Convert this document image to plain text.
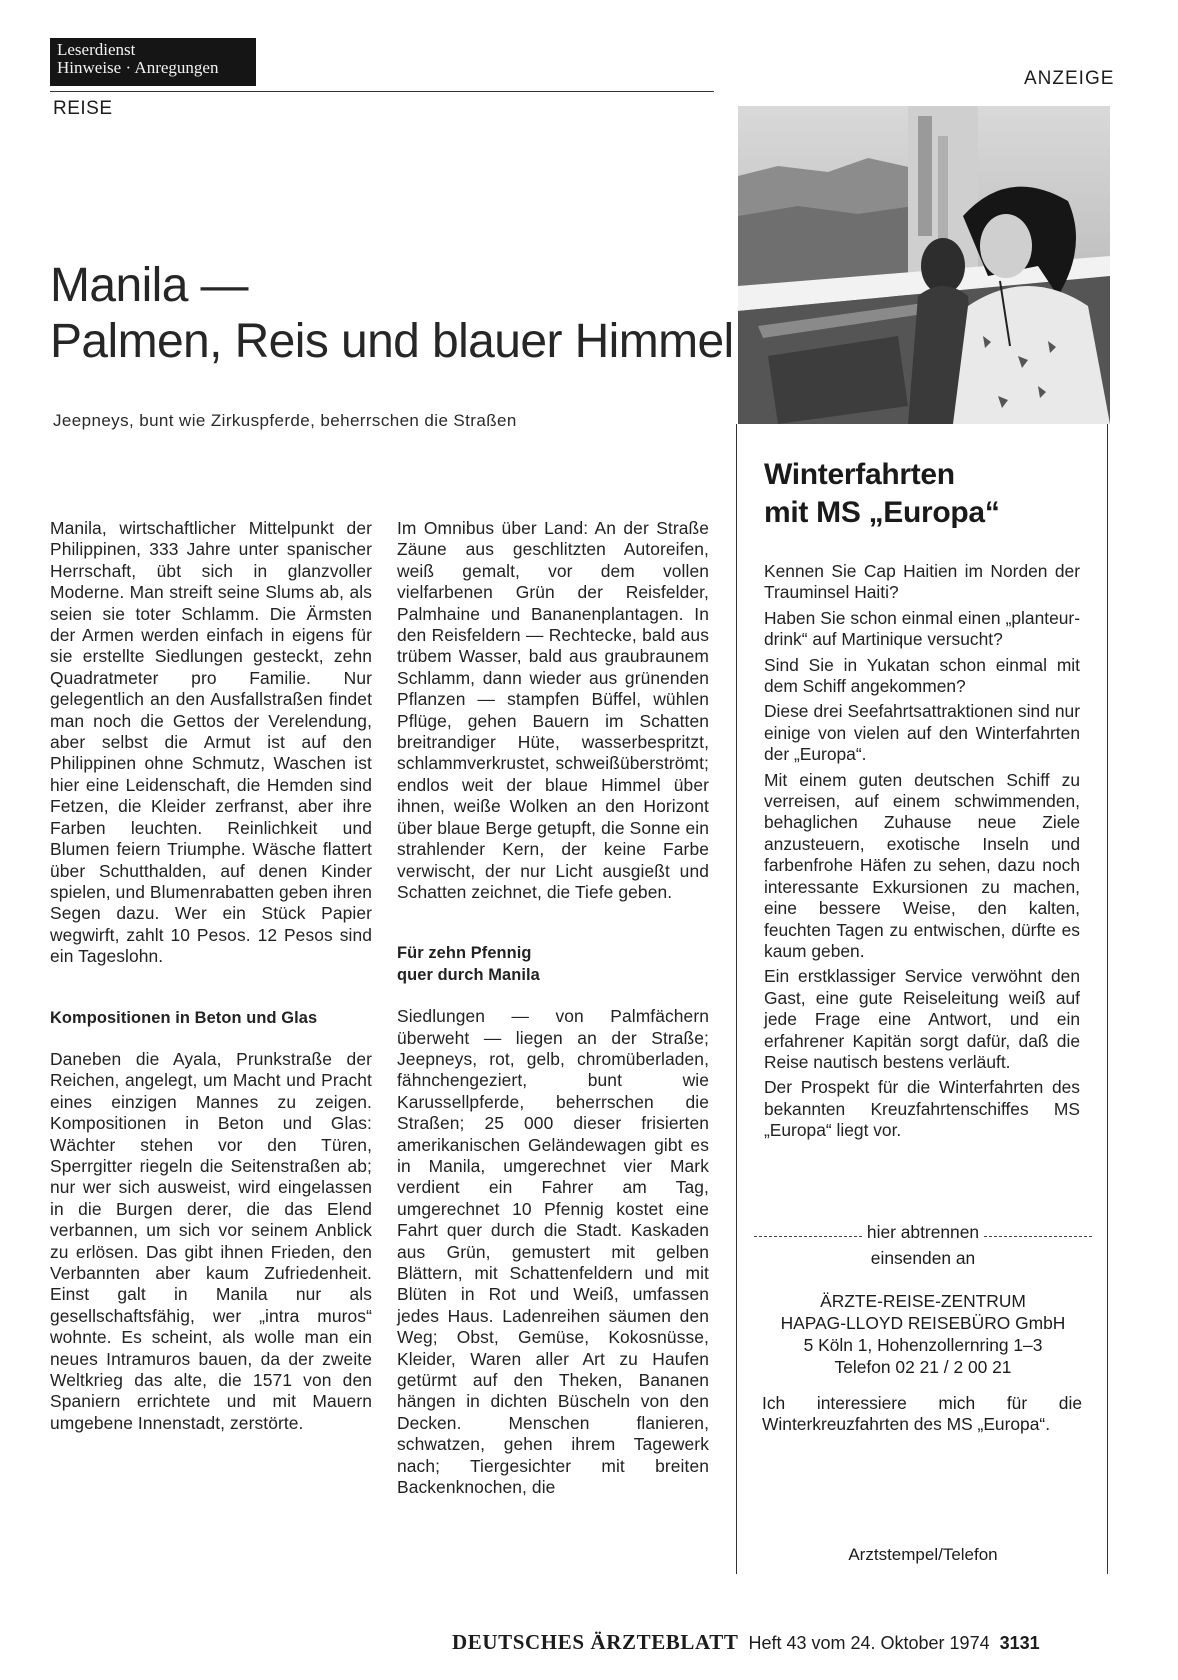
Leserdienst
Hinweise · Anregungen
REISE
ANZEIGE
Manila —
Palmen, Reis und blauer Himmel
Jeepneys, bunt wie Zirkuspferde, beherrschen die Straßen

Manila, wirtschaftlicher Mittelpunkt der Philippinen, 333 Jahre unter spanischer Herrschaft, übt sich in glanzvoller Moderne. Man streift seine Slums ab, als seien sie toter Schlamm. Die Ärmsten der Armen werden einfach in eigens für sie erstellte Siedlungen gesteckt, zehn Quadratmeter pro Familie. Nur gelegentlich an den Ausfallstraßen findet man noch die Gettos der Verelendung, aber selbst die Armut ist auf den Philippinen ohne Schmutz, Waschen ist hier eine Leidenschaft, die Hemden sind Fetzen, die Kleider zerfranst, aber ihre Farben leuchten. Reinlichkeit und Blumen feiern Triumphe. Wäsche flattert über Schutthalden, auf denen Kinder spielen, und Blumenrabatten geben ihren Segen dazu. Wer ein Stück Papier wegwirft, zahlt 10 Pesos. 12 Pesos sind ein Tageslohn.

Kompositionen in Beton und Glas

Daneben die Ayala, Prunkstraße der Reichen, angelegt, um Macht und Pracht eines einzigen Mannes zu zeigen. Kompositionen in Beton und Glas: Wächter stehen vor den Türen, Sperrgitter riegeln die Seitenstraßen ab; nur wer sich ausweist, wird eingelassen in die Burgen derer, die das Elend verbannen, um sich vor seinem Anblick zu erlösen. Das gibt ihnen Frieden, den Verbannten aber kaum Zufriedenheit. Einst galt in Manila nur als gesellschaftsfähig, wer „intra muros“ wohnte. Es scheint, als wolle man ein neues Intramuros bauen, da der zweite Weltkrieg das alte, die 1571 von den Spaniern errichtete und mit Mauern umgebene Innenstadt, zerstörte.

Im Omnibus über Land: An der Straße Zäune aus geschlitzten Autoreifen, weiß gemalt, vor dem vollen vielfarbenen Grün der Reisfelder, Palmhaine und Bananenplantagen. In den Reisfeldern — Rechtecke, bald aus trübem Wasser, bald aus graubraunem Schlamm, dann wieder aus grünenden Pflanzen — stampfen Büffel, wühlen Pflüge, gehen Bauern im Schatten breitrandiger Hüte, wasserbespritzt, schlammverkrustet, schweißüberströmt; endlos weit der blaue Himmel über ihnen, weiße Wolken an den Horizont über blaue Berge getupft, die Sonne ein strahlender Kern, der keine Farbe verwischt, der nur Licht ausgießt und Schatten zeichnet, die Tiefe geben.

Für zehn Pfennig
quer durch Manila

Siedlungen — von Palmfächern überweht — liegen an der Straße; Jeepneys, rot, gelb, chromüberladen, fähnchengeziert, bunt wie Karussellpferde, beherrschen die Straßen; 25 000 dieser frisierten amerikanischen Geländewagen gibt es in Manila, umgerechnet vier Mark verdient ein Fahrer am Tag, umgerechnet 10 Pfennig kostet eine Fahrt quer durch die Stadt. Kaskaden aus Grün, gemustert mit gelben Blättern, mit Schattenfeldern und mit Blüten in Rot und Weiß, umfassen jedes Haus. Ladenreihen säumen den Weg; Obst, Gemüse, Kokosnüsse, Kleider, Waren aller Art zu Haufen getürmt auf den Theken, Bananen hängen in dichten Büscheln von den Decken. Menschen flanieren, schwatzen, gehen ihrem Tagewerk nach; Tiergesichter mit breiten Backenknochen, die

Winterfahrten
mit MS „Europa“

Kennen Sie Cap Haitien im Norden der Trauminsel Haiti?

Haben Sie schon einmal einen „planteur-drink“ auf Martinique versucht?

Sind Sie in Yukatan schon einmal mit dem Schiff angekommen?

Diese drei Seefahrtsattraktionen sind nur einige von vielen auf den Winterfahrten der „Europa“.

Mit einem guten deutschen Schiff zu verreisen, auf einem schwimmenden, behaglichen Zuhause neue Ziele anzusteuern, exotische Inseln und farbenfrohe Häfen zu sehen, dazu noch interessante Exkursionen zu machen, eine bessere Weise, den kalten, feuchten Tagen zu entwischen, dürfte es kaum geben.

Ein erstklassiger Service verwöhnt den Gast, eine gute Reiseleitung weiß auf jede Frage eine Antwort, und ein erfahrener Kapitän sorgt dafür, daß die Reise nautisch bestens verläuft.

Der Prospekt für die Winterfahrten des bekannten Kreuzfahrtenschiffes MS „Europa“ liegt vor.

hier abtrennen
einsenden an
ÄRZTE-REISE-ZENTRUM
HAPAG-LLOYD REISEBÜRO GmbH
5 Köln 1, Hohenzollernring 1–3
Telefon 02 21 / 2 00 21
Ich interessiere mich für die Winterkreuzfahrten des MS „Europa“.
Arztstempel/Telefon
DEUTSCHES ÄRZTEBLATT Heft 43 vom 24. Oktober 1974 3131
